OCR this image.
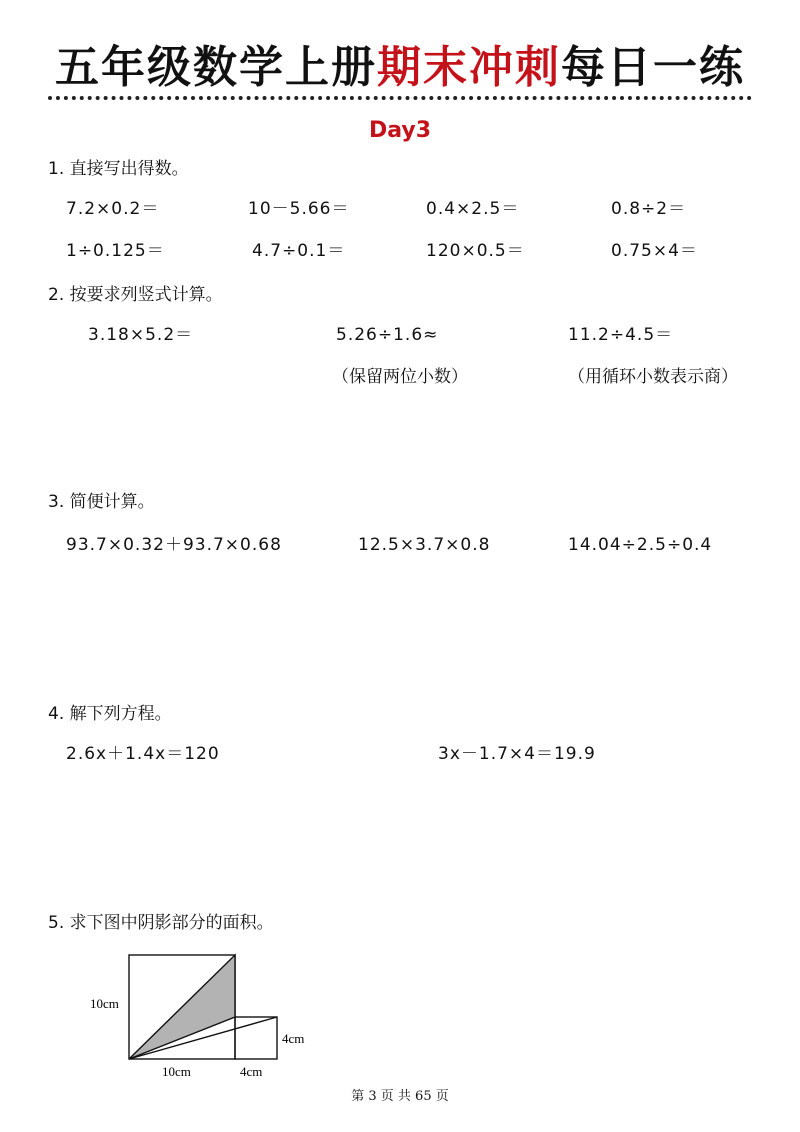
五年级数学上册期末冲刺每日一练
Day3
1. 直接写出得数。
7.2×0.2＝	10－5.66＝	0.4×2.5＝	0.8÷2＝
1÷0.125＝	4.7÷0.1＝	120×0.5＝	0.75×4＝
2. 按要求列竖式计算。
3.18×5.2＝	5.26÷1.6≈	11.2÷4.5＝
（保留两位小数）	（用循环小数表示商）
3. 简便计算。
93.7×0.32＋93.7×0.68	12.5×3.7×0.8	14.04÷2.5÷0.4
4. 解下列方程。
2.6x＋1.4x＝120	3x－1.7×4＝19.9
5. 求下图中阴影部分的面积。
10cm
4cm
10cm	4cm
第 3 页 共 65 页
